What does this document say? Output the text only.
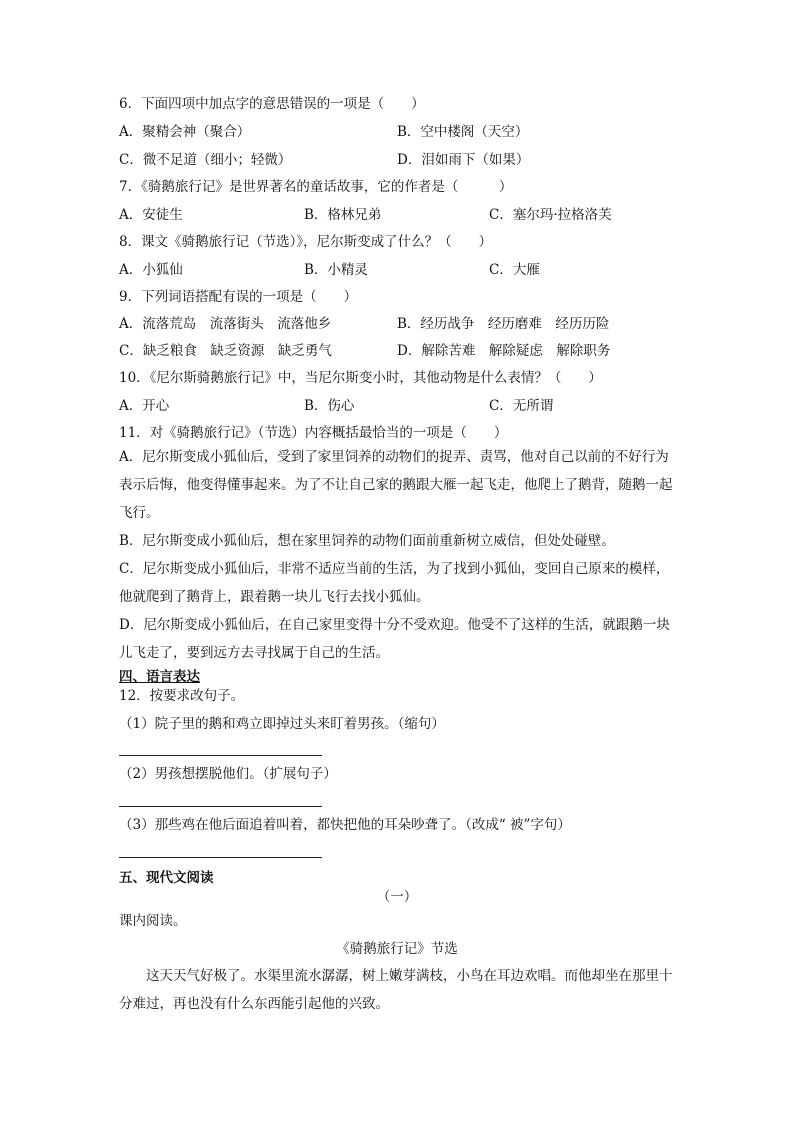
6．下面四项中加点字的意思错误的一项是（　　）
A．聚精会神（聚合）	B．空中楼阁（天空）
C．微不足道（细小；轻微）	D．泪如雨下（如果）
7．《骑鹅旅行记》是世界著名的童话故事，它的作者是（　　　）
A．安徒生	B．格林兄弟	C．塞尔玛·拉格洛芙
8．课文《骑鹅旅行记（节选）》，尼尔斯变成了什么？（　　）
A．小狐仙	B．小精灵	C．大雁
9．下列词语搭配有误的一项是（　　）
A．流落荒岛　流落街头　流落他乡	B．经历战争　经历磨难　经历历险
C．缺乏粮食　缺乏资源　缺乏勇气	D．解除苦难　解除疑虑　解除职务
10．《尼尔斯骑鹅旅行记》中，当尼尔斯变小时，其他动物是什么表情？（　　）
A．开心	B．伤心	C．无所谓
11．对《骑鹅旅行记》（节选）内容概括最恰当的一项是（　　）
A．尼尔斯变成小狐仙后，受到了家里饲养的动物们的捉弄、责骂，他对自己以前的不好行为表示后悔，他变得懂事起来。为了不让自己家的鹅跟大雁一起飞走，他爬上了鹅背，随鹅一起飞行。
B．尼尔斯变成小狐仙后，想在家里饲养的动物们面前重新树立威信，但处处碰壁。
C．尼尔斯变成小狐仙后，非常不适应当前的生活，为了找到小狐仙，变回自己原来的模样，他就爬到了鹅背上，跟着鹅一块儿飞行去找小狐仙。
D．尼尔斯变成小狐仙后，在自己家里变得十分不受欢迎。他受不了这样的生活，就跟鹅一块儿飞走了，要到远方去寻找属于自己的生活。
四、语言表达
12．按要求改句子。
（1）院子里的鹅和鸡立即掉过头来盯着男孩。（缩句）
（2）男孩想摆脱他们。（扩展句子）
（3）那些鸡在他后面追着叫着，都快把他的耳朵吵聋了。（改成“ 被”字句）
五、现代文阅读
（一）
课内阅读。
《骑鹅旅行记》节选
这天天气好极了。水渠里流水潺潺，树上嫩芽满枝，小鸟在耳边欢唱。而他却坐在那里十分难过，再也没有什么东西能引起他的兴致。
